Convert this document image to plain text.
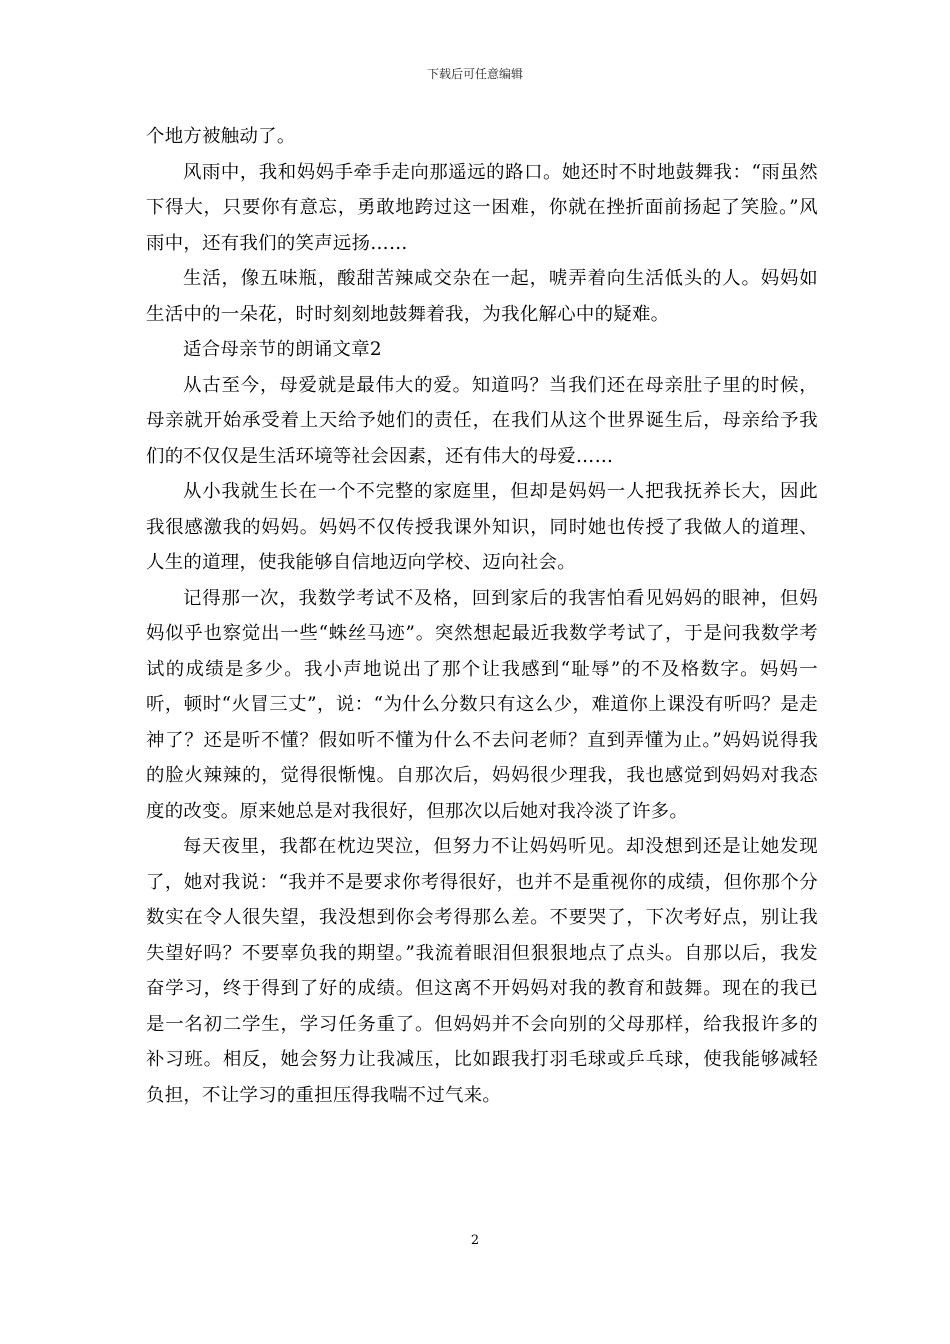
下载后可任意编辑

个地方被触动了。

风雨中，我和妈妈手牵手走向那遥远的路口。她还时不时地鼓舞我：“雨虽然下得大，只要你有意忘，勇敢地跨过这一困难，你就在挫折面前扬起了笑脸。”风雨中，还有我们的笑声远扬……

生活，像五味瓶，酸甜苦辣咸交杂在一起，唬弄着向生活低头的人。妈妈如生活中的一朵花，时时刻刻地鼓舞着我，为我化解心中的疑难。

适合母亲节的朗诵文章2

从古至今，母爱就是最伟大的爱。知道吗？当我们还在母亲肚子里的时候，母亲就开始承受着上天给予她们的责任，在我们从这个世界诞生后，母亲给予我们的不仅仅是生活环境等社会因素，还有伟大的母爱……

从小我就生长在一个不完整的家庭里，但却是妈妈一人把我抚养长大，因此我很感激我的妈妈。妈妈不仅传授我课外知识，同时她也传授了我做人的道理、人生的道理，使我能够自信地迈向学校、迈向社会。

记得那一次，我数学考试不及格，回到家后的我害怕看见妈妈的眼神，但妈妈似乎也察觉出一些“蛛丝马迹”。突然想起最近我数学考试了，于是问我数学考试的成绩是多少。我小声地说出了那个让我感到“耻辱”的不及格数字。妈妈一听，顿时“火冒三丈”，说：“为什么分数只有这么少，难道你上课没有听吗？是走神了？还是听不懂？假如听不懂为什么不去问老师？直到弄懂为止。”妈妈说得我的脸火辣辣的，觉得很惭愧。自那次后，妈妈很少理我，我也感觉到妈妈对我态度的改变。原来她总是对我很好，但那次以后她对我冷淡了许多。

每天夜里，我都在枕边哭泣，但努力不让妈妈听见。却没想到还是让她发现了，她对我说：“我并不是要求你考得很好，也并不是重视你的成绩，但你那个分数实在令人很失望，我没想到你会考得那么差。不要哭了，下次考好点，别让我失望好吗？不要辜负我的期望。”我流着眼泪但狠狠地点了点头。自那以后，我发奋学习，终于得到了好的成绩。但这离不开妈妈对我的教育和鼓舞。现在的我已是一名初二学生，学习任务重了。但妈妈并不会向别的父母那样，给我报许多的补习班。相反，她会努力让我减压，比如跟我打羽毛球或乒乓球，使我能够减轻负担，不让学习的重担压得我喘不过气来。

2
